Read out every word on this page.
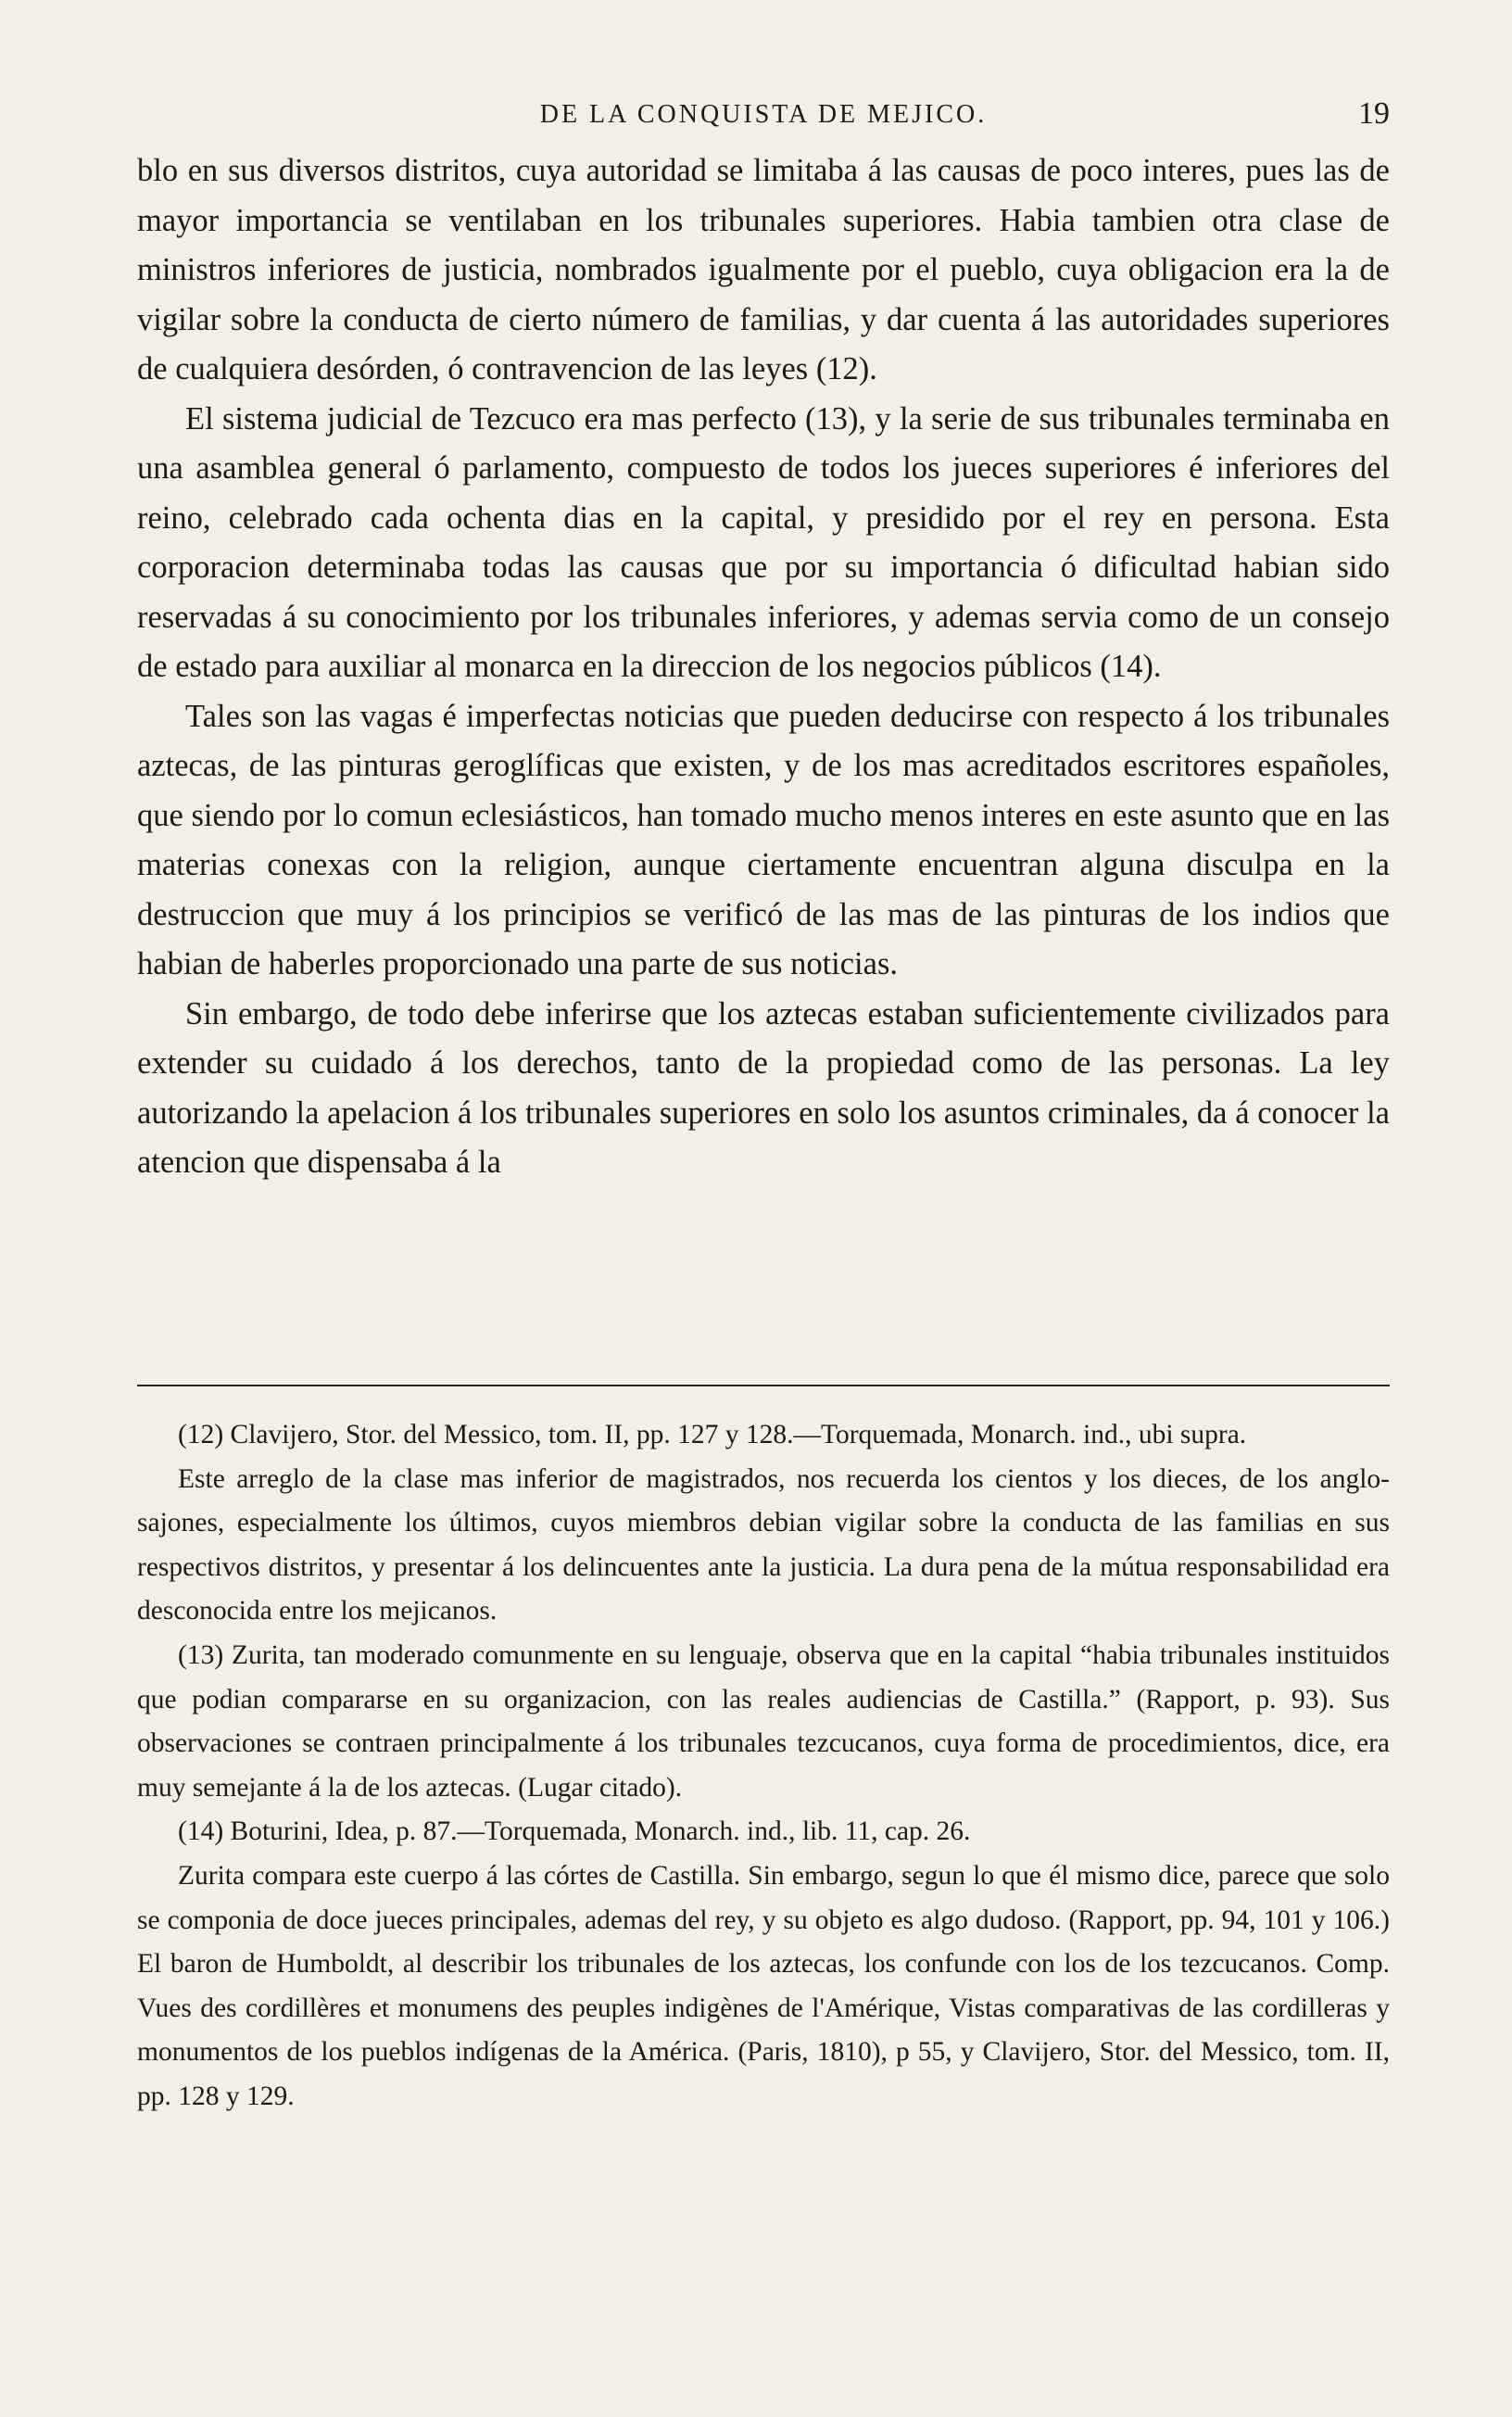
DE LA CONQUISTA DE MEJICO.	19

blo en sus diversos distritos, cuya autoridad se limitaba á las causas de poco interes, pues las de mayor importancia se ventilaban en los tribunales superiores. Habia tambien otra clase de ministros inferiores de justicia, nombrados igualmente por el pueblo, cuya obligacion era la de vigilar sobre la conducta de cierto número de familias, y dar cuenta á las autoridades superiores de cualquiera desórden, ó contravencion de las leyes (12).

El sistema judicial de Tezcuco era mas perfecto (13), y la serie de sus tribunales terminaba en una asamblea general ó parlamento, compuesto de todos los jueces superiores é inferiores del reino, celebrado cada ochenta dias en la capital, y presidido por el rey en persona. Esta corporacion determinaba todas las causas que por su importancia ó dificultad habian sido reservadas á su conocimiento por los tribunales inferiores, y ademas servia como de un consejo de estado para auxiliar al monarca en la direccion de los negocios públicos (14).

Tales son las vagas é imperfectas noticias que pueden deducirse con respecto á los tribunales aztecas, de las pinturas geroglíficas que existen, y de los mas acreditados escritores españoles, que siendo por lo comun eclesiásticos, han tomado mucho menos interes en este asunto que en las materias conexas con la religion, aunque ciertamente encuentran alguna disculpa en la destruccion que muy á los principios se verificó de las mas de las pinturas de los indios que habian de haberles proporcionado una parte de sus noticias.

Sin embargo, de todo debe inferirse que los aztecas estaban suficientemente civilizados para extender su cuidado á los derechos, tanto de la propiedad como de las personas. La ley autorizando la apelacion á los tribunales superiores en solo los asuntos criminales, da á conocer la atencion que dispensaba á la

(12) Clavijero, Stor. del Messico, tom. II, pp. 127 y 128.—Torquemada, Monarch. ind., ubi supra.

Este arreglo de la clase mas inferior de magistrados, nos recuerda los cientos y los dieces, de los anglo-sajones, especialmente los últimos, cuyos miembros debian vigilar sobre la conducta de las familias en sus respectivos distritos, y presentar á los delincuentes ante la justicia. La dura pena de la mútua responsabilidad era desconocida entre los mejicanos.

(13) Zurita, tan moderado comunmente en su lenguaje, observa que en la capital “habia tribunales instituidos que podian compararse en su organizacion, con las reales audiencias de Castilla.” (Rapport, p. 93). Sus observaciones se contraen principalmente á los tribunales tezcucanos, cuya forma de procedimientos, dice, era muy semejante á la de los aztecas. (Lugar citado).

(14) Boturini, Idea, p. 87.—Torquemada, Monarch. ind., lib. 11, cap. 26.

Zurita compara este cuerpo á las córtes de Castilla. Sin embargo, segun lo que él mismo dice, parece que solo se componia de doce jueces principales, ademas del rey, y su objeto es algo dudoso. (Rapport, pp. 94, 101 y 106.) El baron de Humboldt, al describir los tribunales de los aztecas, los confunde con los de los tezcucanos. Comp. Vues des cordillères et monumens des peuples indigènes de l'Amérique, Vistas comparativas de las cordilleras y monumentos de los pueblos indígenas de la América. (Paris, 1810), p 55, y Clavijero, Stor. del Messico, tom. II, pp. 128 y 129.
